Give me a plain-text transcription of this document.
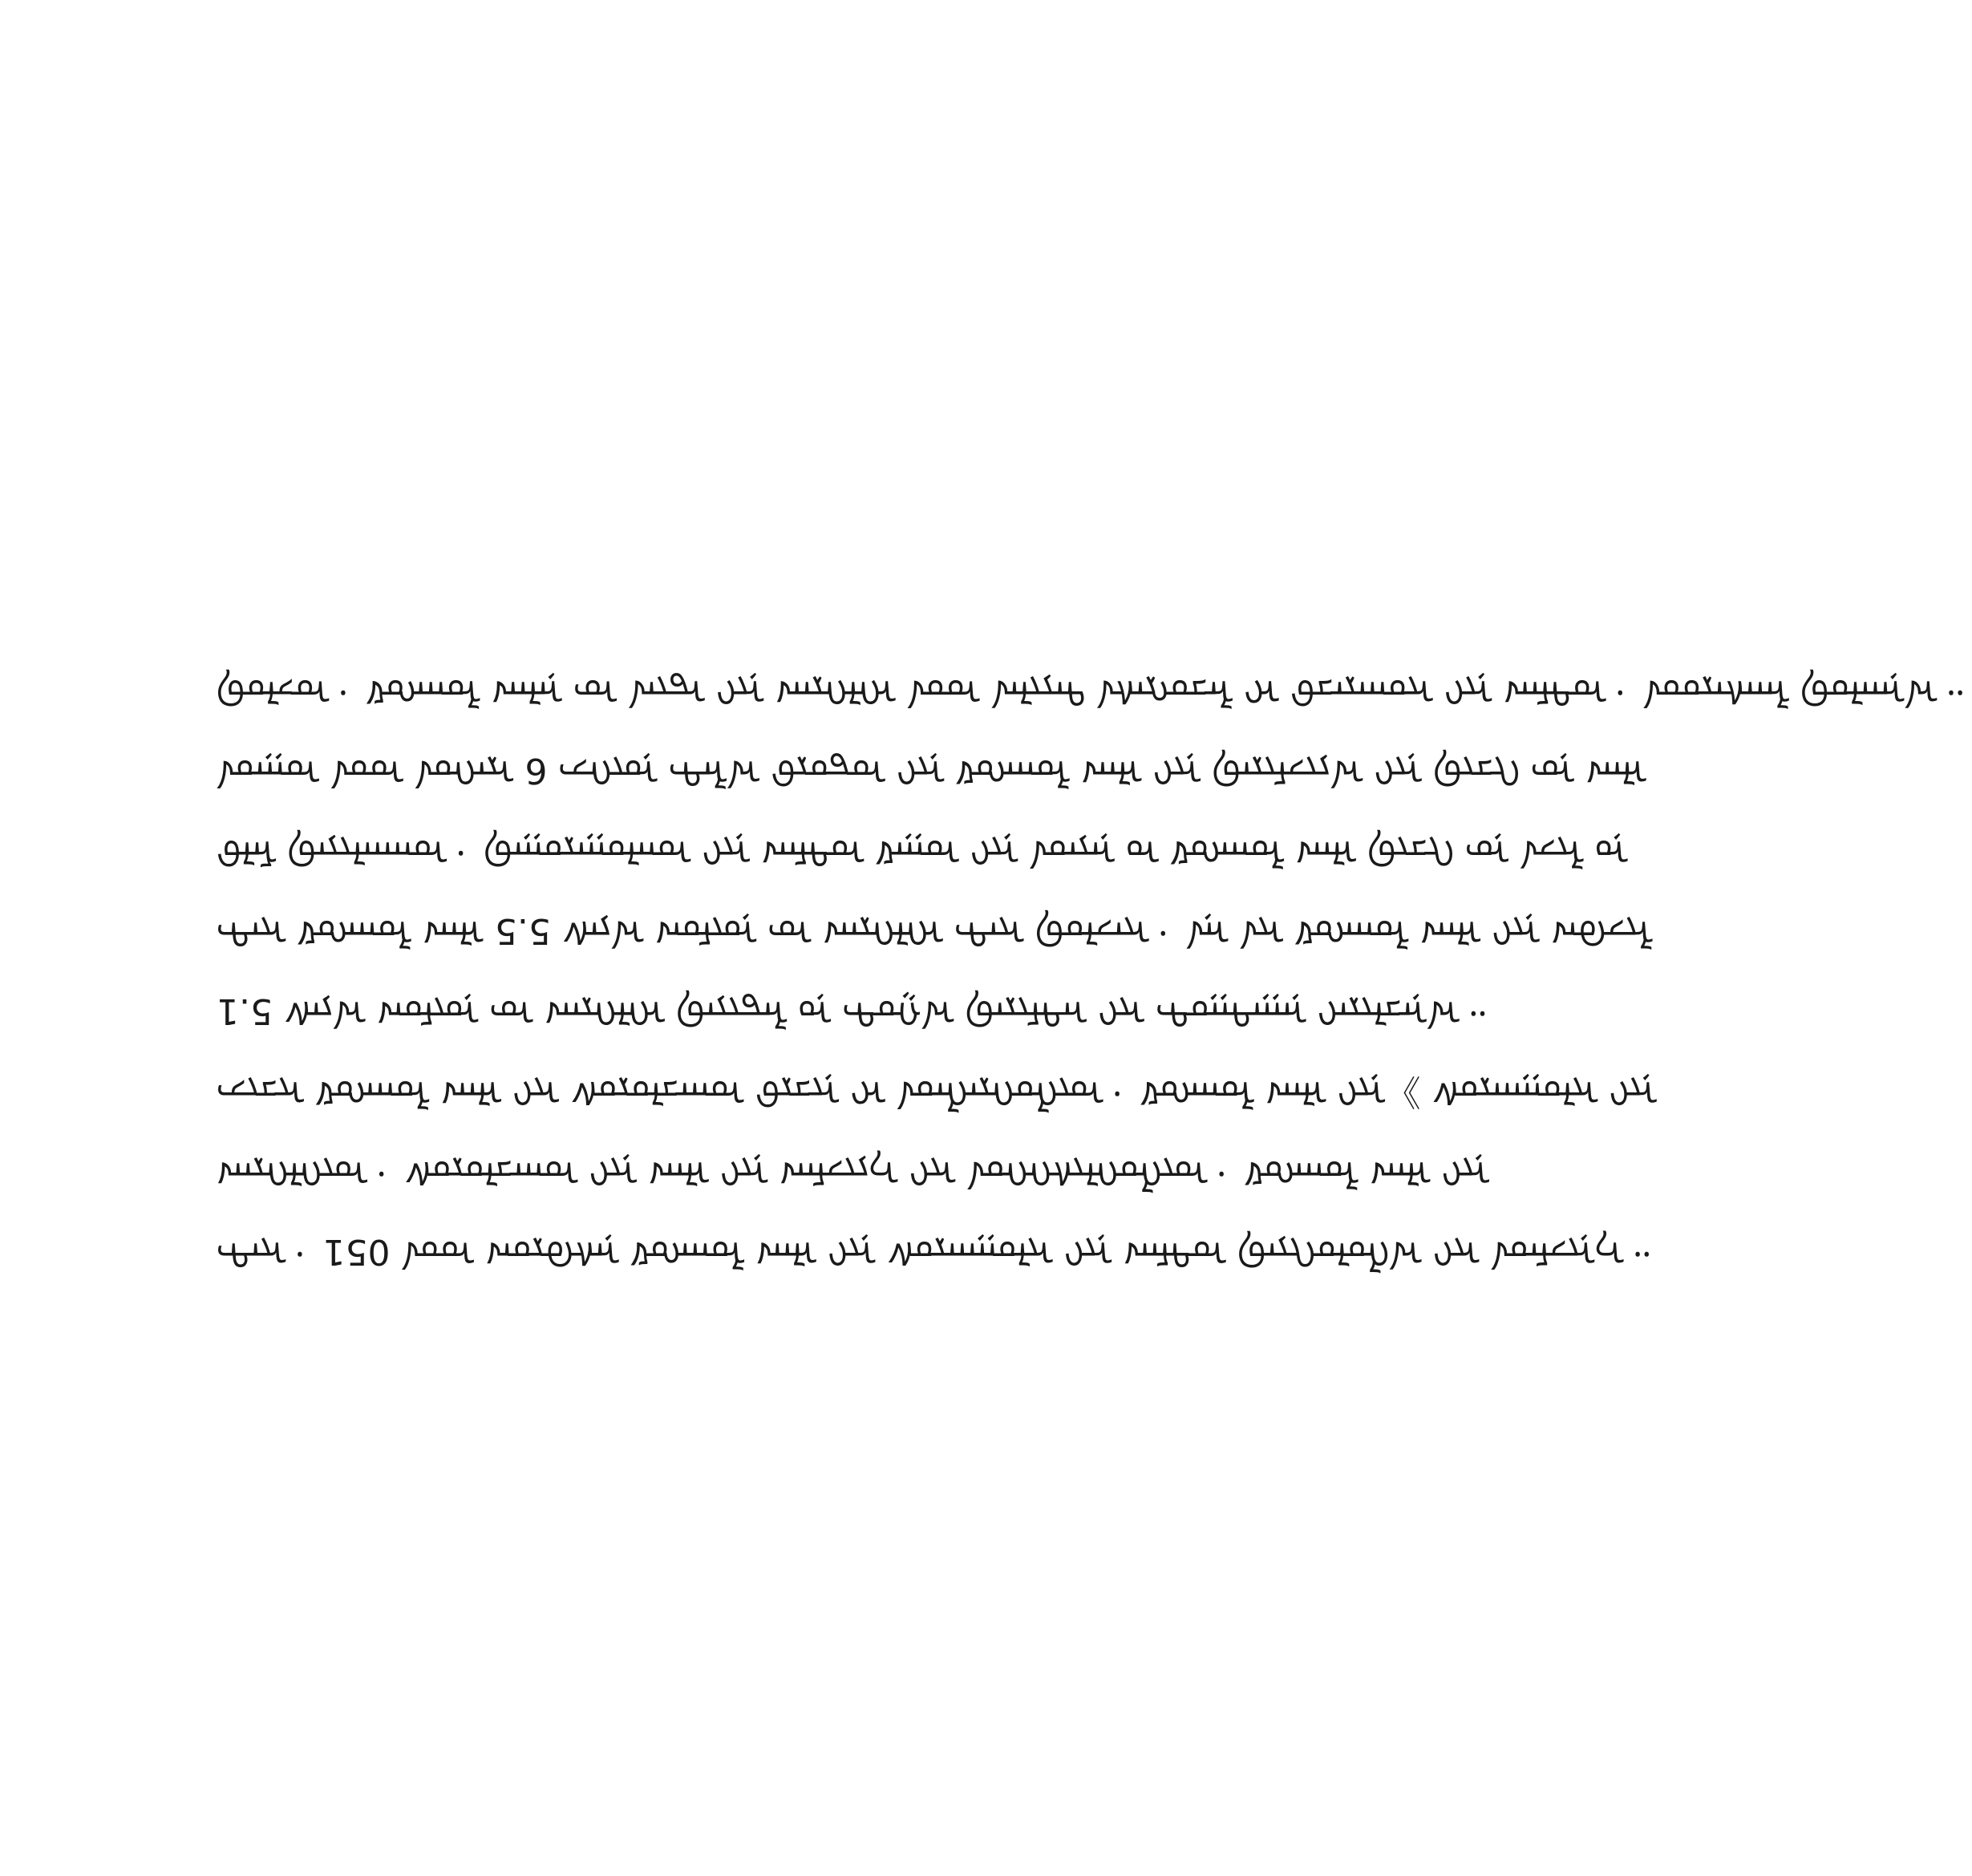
ᠲᠠᠢ ᠂ 150 ᠳᠤ ᠬᠦᠷᠦᠭᠰᠡᠨ ᠮᠣᠩᠭᠣᠯ ᠬᠡᠯᠡ ᠶᠢᠨ ᠰᠤᠷᠭᠠᠭᠤᠯᠢ ᠶᠢᠨ ᠬᠠᠮᠲᠤ ᠪᠠᠶᠢᠭᠤᠯᠤᠯᠭ᠎ᠠ ᠶᠢ ᠳᠡᠮᠵᠢᠨ᠎ᠡ ᠃
ᠬᠡᠷᠡᠭᠯᠡᠬᠦ ᠂ ᠰᠤᠷᠤᠯᠴᠠᠬᠤ ᠶᠢᠨ ᠬᠡᠯᠡ ᠶᠢᠨ ᠬᠡᠮᠵᠢᠶ᠎ᠡ ᠶᠢ ᠳᠡᠭᠡᠭᠰᠢᠯᠡᠭᠦᠯᠬᠦ ᠂ ᠮᠣᠩᠭᠣᠯ ᠬᠡᠯᠡ ᠶᠢᠨ
ᠵᠢᠴᠢ ᠮᠣᠩᠭᠣᠯ ᠬᠡᠯᠡ ᠶᠢ ᠰᠤᠷᠤᠯᠴᠠᠬᠤ ᠤᠷᠴᠢᠨ ᠢ ᠳᠡᠯᠭᠡᠷᠡᠭᠦᠯᠬᠦ ᠂ ᠮᠣᠩᠭᠣᠯ ᠬᠡᠯᠡ ᠶᠢᠨ《 ᠰᠤᠷᠭᠠᠭᠤᠯᠢ ᠶᠢᠨ
1.5 ᠰᠠᠶ᠎ᠠ ᠬᠥᠮᠦᠨ ᠦ ᠬᠡᠷᠡᠭᠯᠡᠭᠡ ᠪᠠᠶᠢᠳᠠᠯ ᠤᠨ ᠲᠣᠭ᠎ᠠ ᠪᠠᠷᠢᠮᠲᠠ ᠶᠢ ᠲᠣᠭᠲᠠᠭᠠᠨ ᠶᠠᠷᠢᠯᠴᠠᠨ᠎ᠠ ᠃
ᠲᠠᠢ ᠮᠣᠩᠭᠣᠯ ᠬᠡᠯᠡ 5.5 ᠰᠠᠶ᠎ᠠ ᠬᠥᠮᠦᠨ ᠦ ᠬᠡᠷᠡᠭᠯᠡᠭᠡ ᠲᠠᠢ ᠪᠣᠯᠵᠠᠢ ᠂ ᠡᠨᠡ ᠨᠢ ᠮᠣᠩᠭᠣᠯ ᠬᠡᠯᠡ ᠶᠢᠨ ᠬᠥᠭᠵᠢᠯ
ᠤᠯᠠᠮ ᠪᠠᠶᠢᠯᠭᠠᠬᠤ ᠂ ᠪᠠᠭᠤᠷᠠᠭᠤᠯᠬᠤ ᠶᠢᠨ ᠬᠠᠮᠲᠤ ᠮᠠᠭᠤ ᠶᠢᠨ ᠳᠠᠶᠠᠨ ᠤ ᠮᠣᠩᠭᠣᠯ ᠬᠡᠯᠡ ᠪᠢᠴᠢᠭ ᠦᠨ ᠠᠵᠢᠯ ᠤᠨ
ᠳᠠᠭᠤ ᠳᠤ ᠳᠡᠭᠡᠷᠡ 6 ᠵᠡᠭᠦᠨ ᠲᠠᠯ᠎ᠠ ᠤᠷᠤᠳᠤ ᠶᠢᠨ ᠮᠣᠩᠭᠣᠯ ᠬᠡᠯᠡ ᠶᠢᠨ ᠪᠠᠷᠢᠮᠵᠢᠶ᠎ᠠ ᠶᠢᠨ ᠪᠢᠴᠢᠭ ᠦᠨ ᠬᠡᠯᠡ
ᠪᠣᠯᠵᠤ ᠂ ᠮᠣᠩᠭᠣᠯ ᠬᠡᠯᠡᠨ ᠦ ᠨᠡᠢᠲᠡ ᠶᠢᠨ ᠬᠡᠷᠡᠭᠯᠡᠭᠡ ᠳᠤ ᠨᠡᠯᠢᠶᠡᠳ ᠡᠰᠡᠷᠭᠦᠴᠡᠯ ᠢ ᠤᠴᠠᠷᠠᠬᠤᠢ ᠶᠢᠨ ᠬᠠᠮᠲᠤ ᠂ ᠳᠤᠷᠠᠰᠬᠠᠯ ᠪᠣᠯᠭᠠᠨ᠎ᠠ ᠃
